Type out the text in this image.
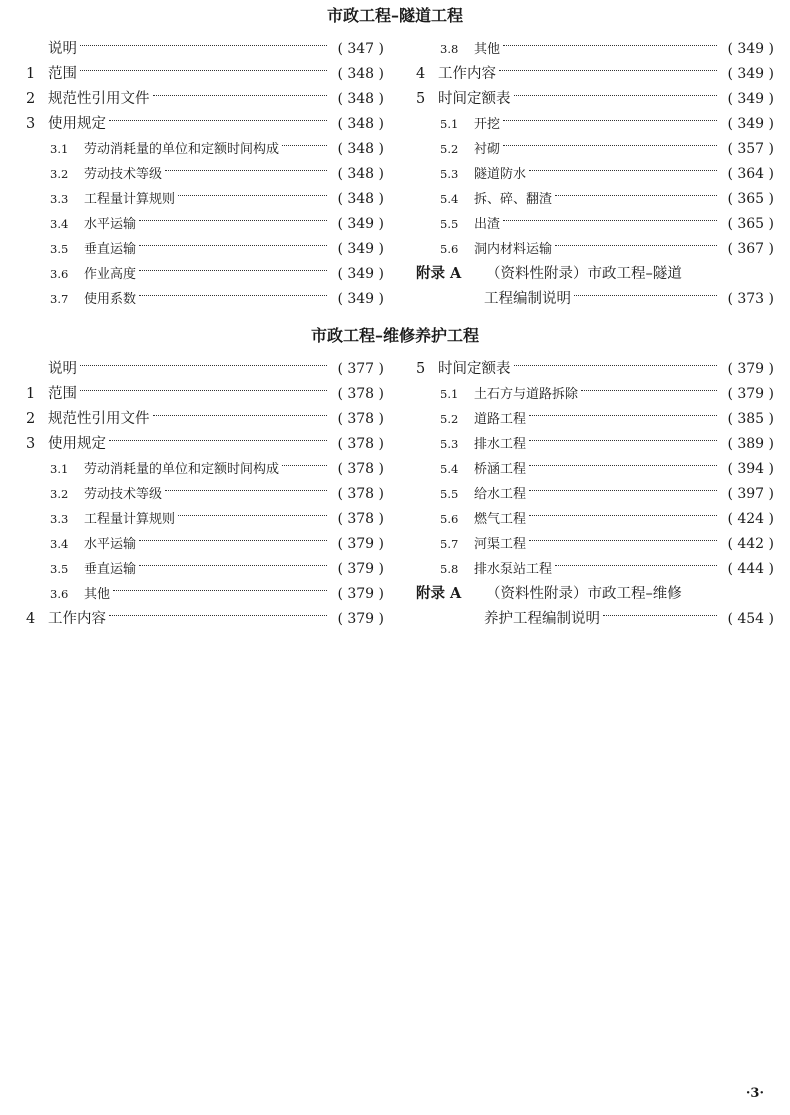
市政工程–隧道工程
市政工程–维修养护工程
说明	( 347 )
1 范围	( 348 )
2 规范性引用文件	( 348 )
3 使用规定	( 348 )
3.1	劳动消耗量的单位和定额时间构成	( 348 )
3.2	劳动技术等级	( 348 )
3.3	工程量计算规则	( 348 )
3.4	水平运输	( 349 )
3.5	垂直运输	( 349 )
3.6	作业高度	( 349 )
3.7	使用系数	( 349 )
3.8	其他	( 349 )
4 工作内容	( 349 )
5 时间定额表	( 349 )
5.1	开挖	( 349 )
5.2	衬砌	( 357 )
5.3	隧道防水	( 364 )
5.4	拆、碎、翻渣	( 365 )
5.5	出渣	( 365 )
5.6	洞内材料运输	( 367 )
附录 A	（资料性附录）市政工程–隧道
工程编制说明	( 373 )
说明	( 377 )
1 范围	( 378 )
2 规范性引用文件	( 378 )
3 使用规定	( 378 )
3.1	劳动消耗量的单位和定额时间构成	( 378 )
3.2	劳动技术等级	( 378 )
3.3	工程量计算规则	( 378 )
3.4	水平运输	( 379 )
3.5	垂直运输	( 379 )
3.6	其他	( 379 )
4 工作内容	( 379 )
5 时间定额表	( 379 )
5.1	土石方与道路拆除	( 379 )
5.2	道路工程	( 385 )
5.3	排水工程	( 389 )
5.4	桥涵工程	( 394 )
5.5	给水工程	( 397 )
5.6	燃气工程	( 424 )
5.7	河渠工程	( 442 )
5.8	排水泵站工程	( 444 )
附录 A	（资料性附录）市政工程–维修
养护工程编制说明	( 454 )
·3·
